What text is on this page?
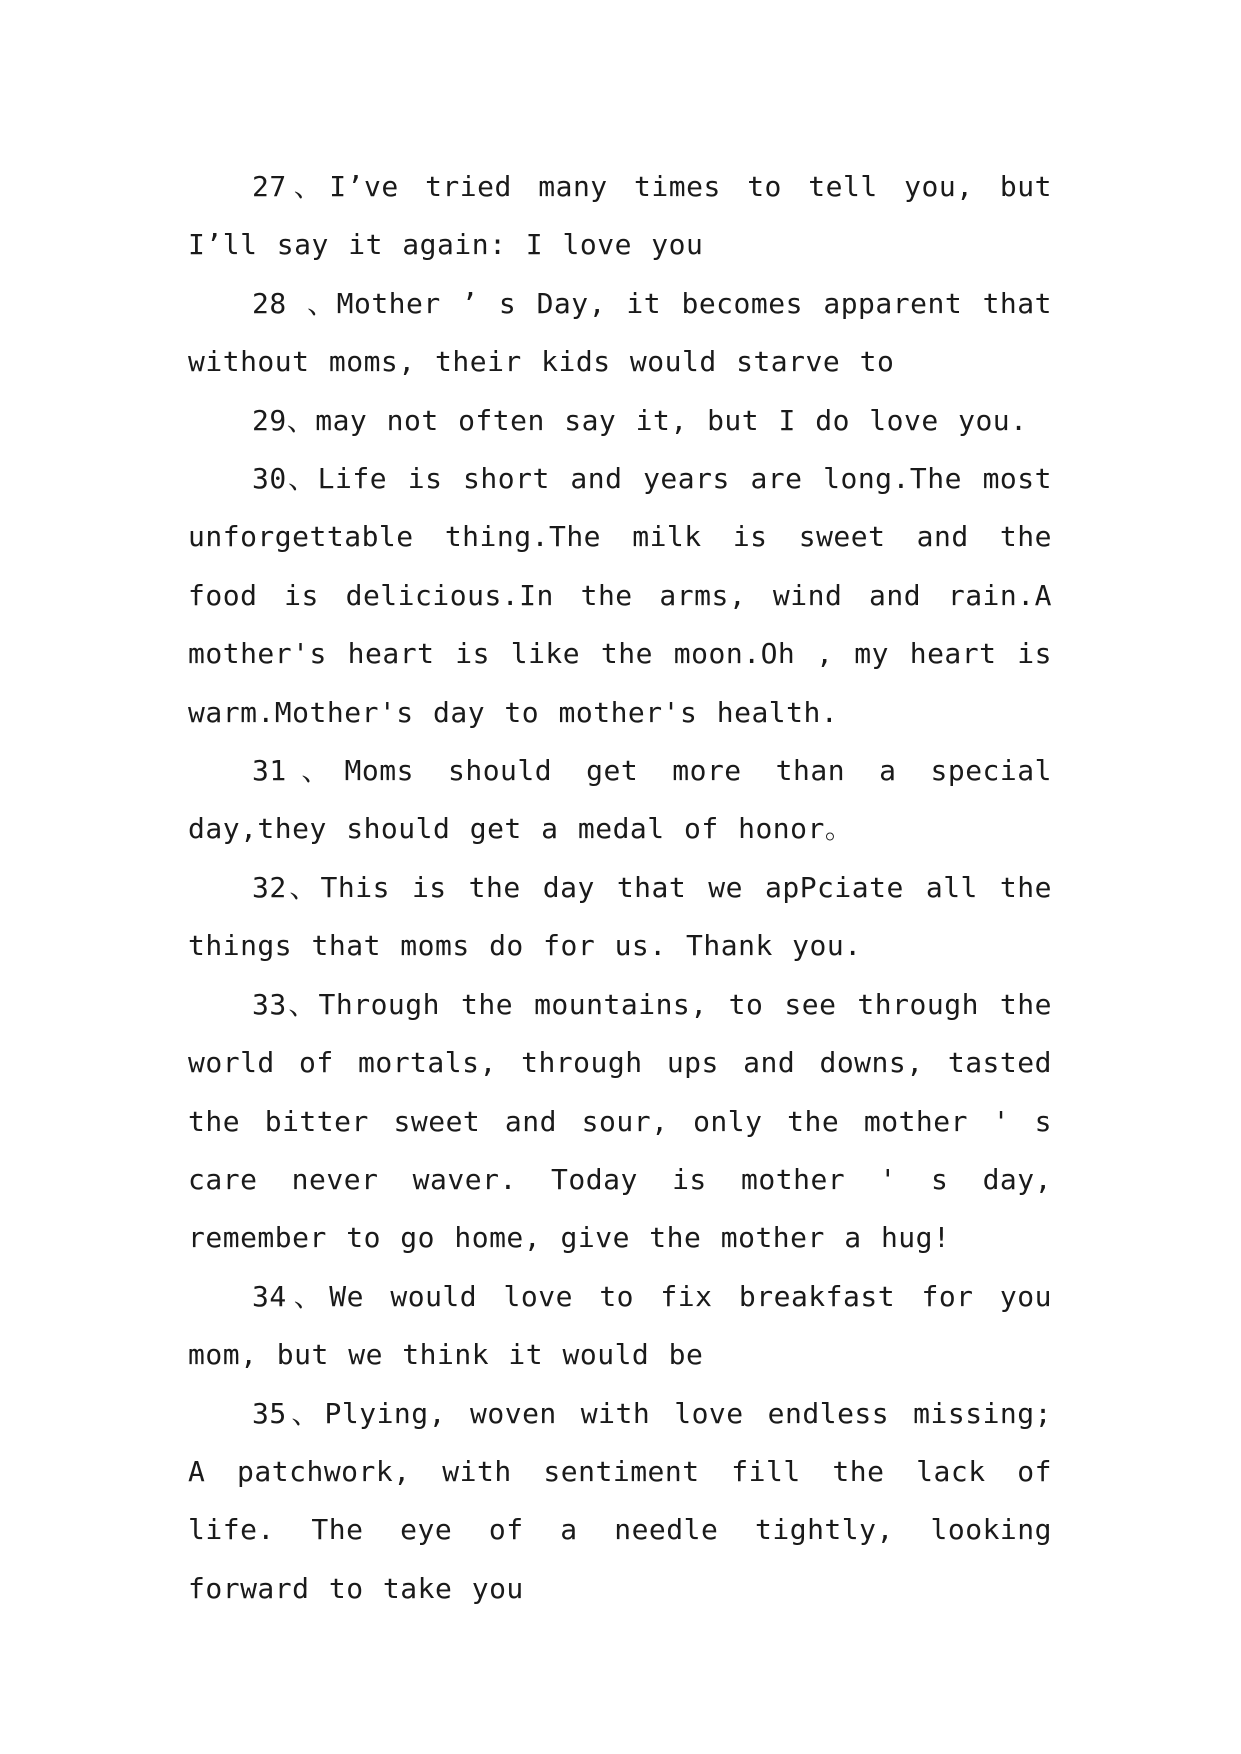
27、I’ve tried many times to tell you, but I’ll say it again: I love you

28 、Mother ’ s Day, it becomes apparent that without moms, their kids would starve to

29、may not often say it, but I do love you.

30、Life is short and years are long.The most unforgettable thing.The milk is sweet and the food is delicious.In the arms, wind and rain.A mother's heart is like the moon.Oh , my heart is warm.Mother's day to mother's health.

31、Moms should get more than a special day,they should get a medal of honor。

32、This is the day that we apPciate all the things that moms do for us. Thank you.

33、Through the mountains, to see through the world of mortals, through ups and downs, tasted the bitter sweet and sour, only the mother ' s care never waver. Today is mother ' s day, remember to go home, give the mother a hug!

34、We would love to fix breakfast for you mom, but we think it would be

35、Plying, woven with love endless missing; A patchwork, with sentiment fill the lack of life. The eye of a needle tightly, looking forward to take you
